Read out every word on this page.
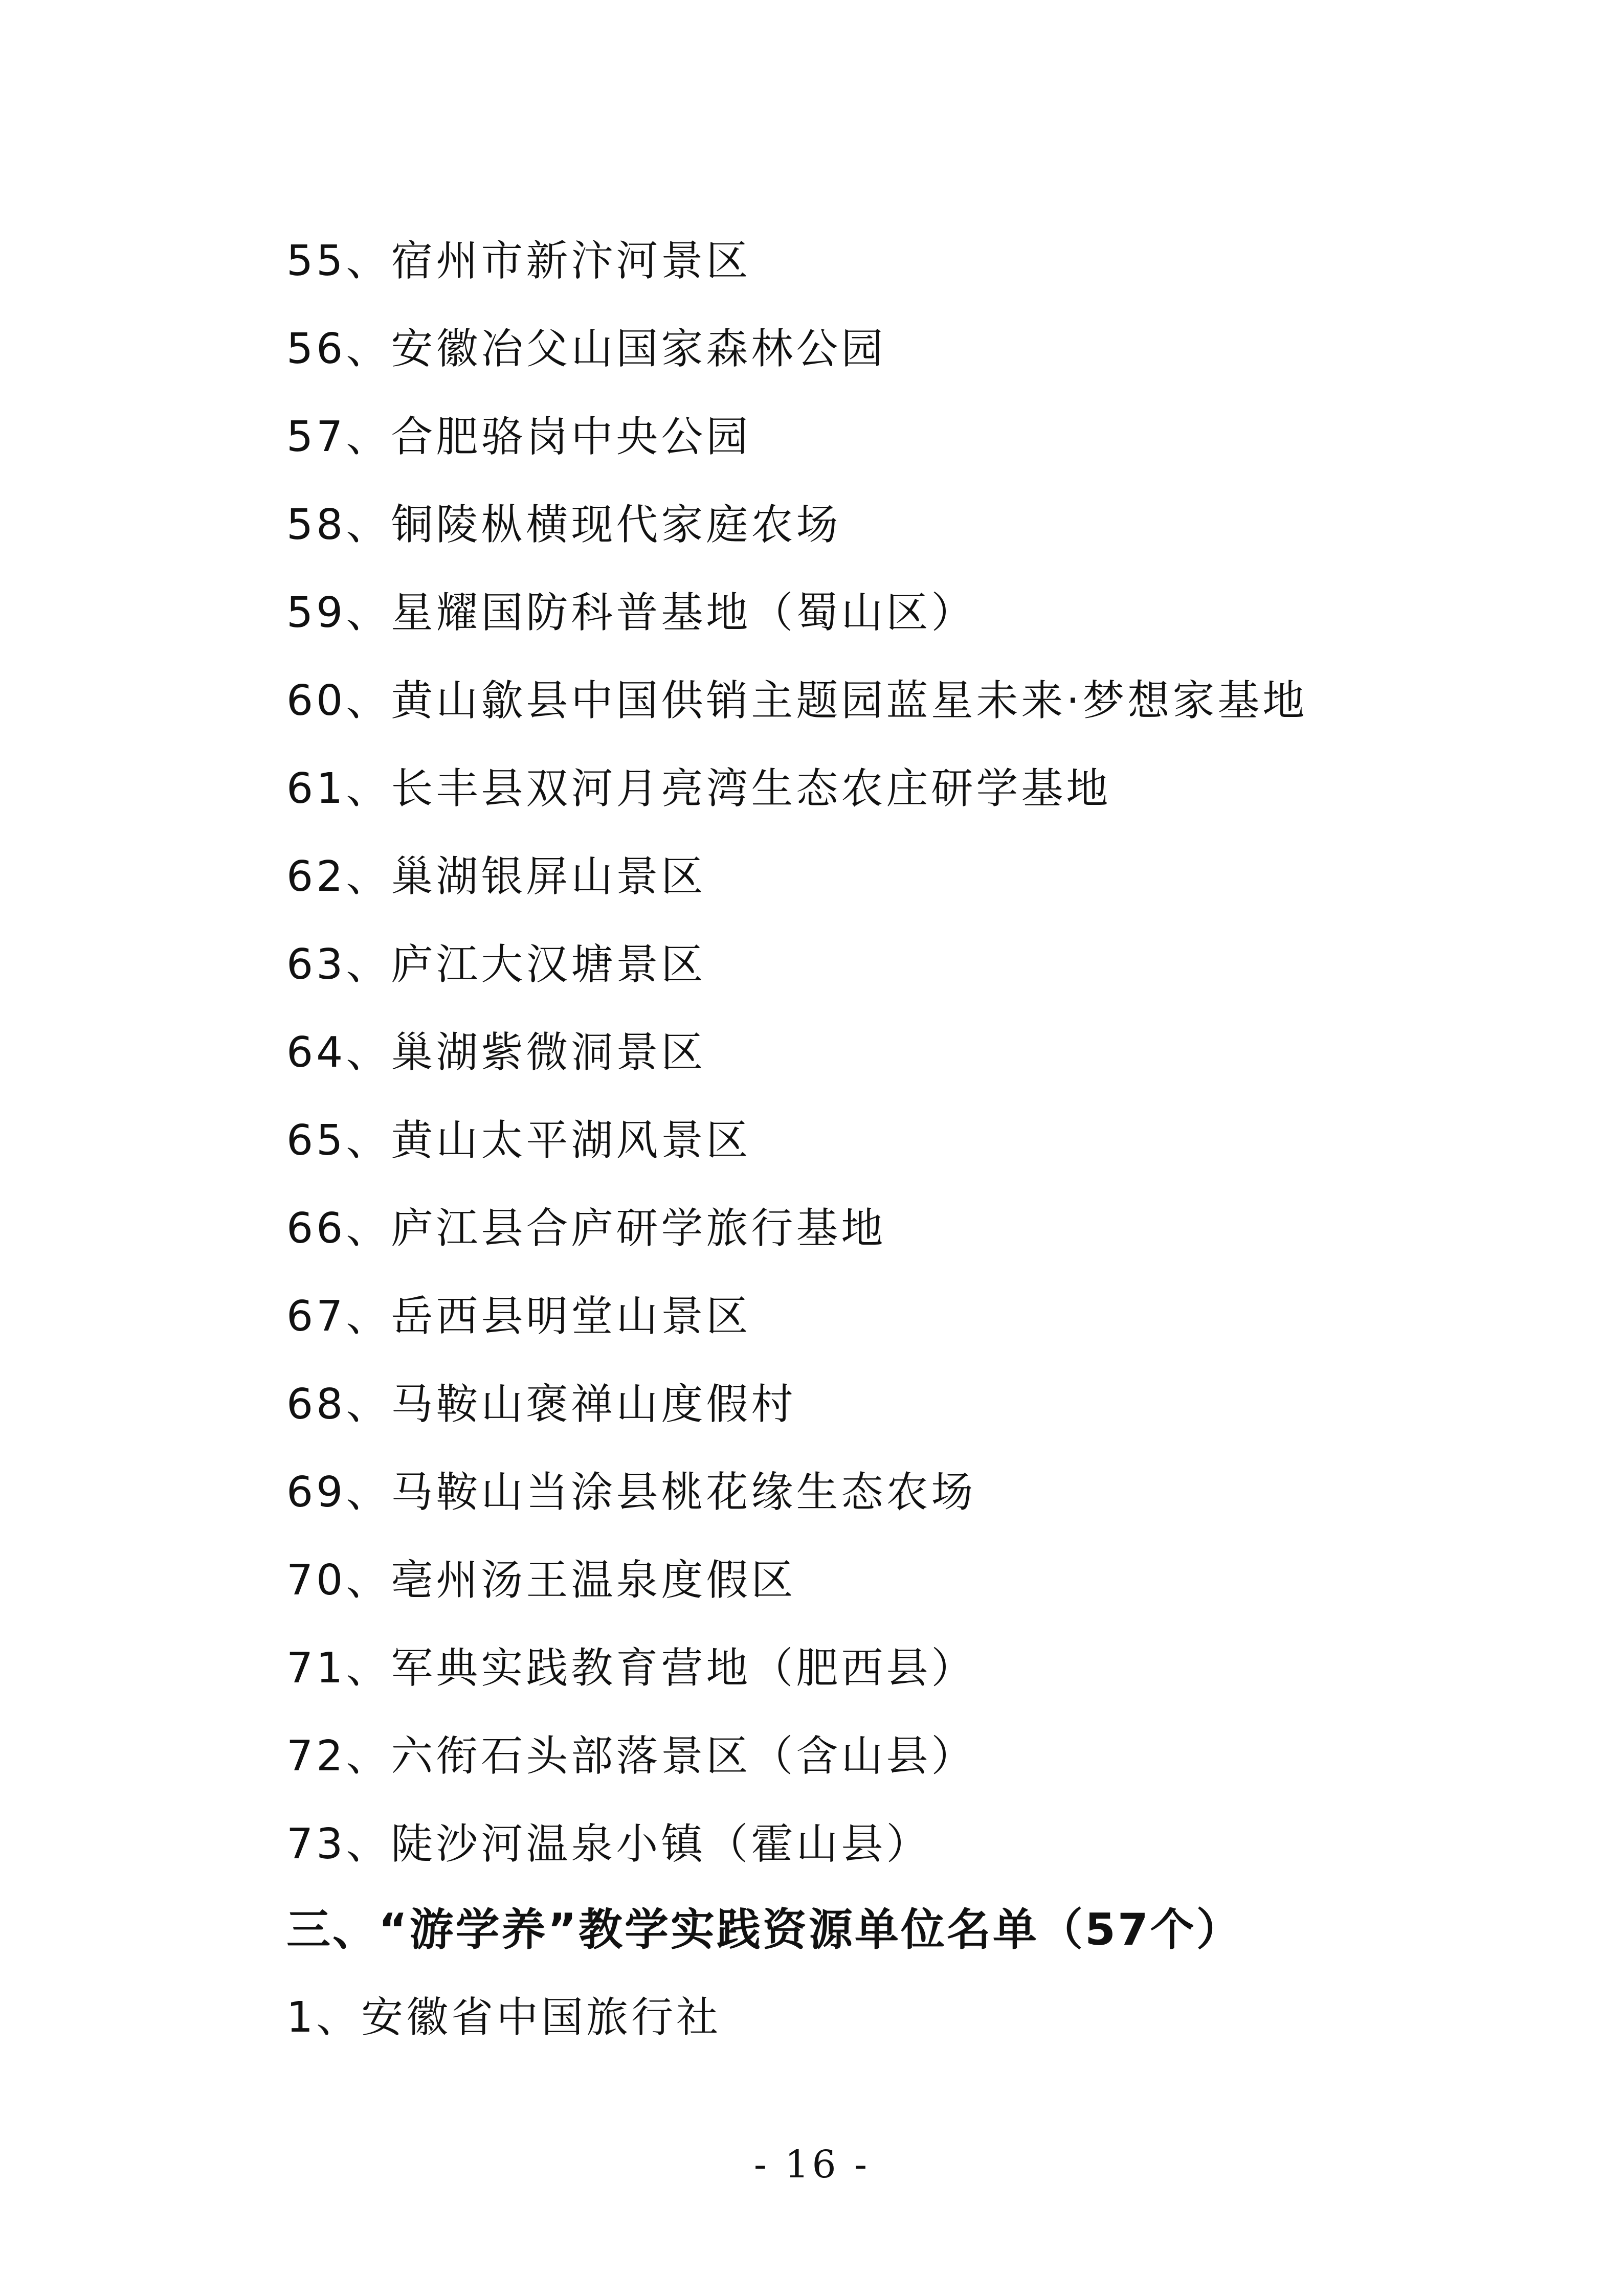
55、宿州市新汴河景区
56、安徽冶父山国家森林公园
57、合肥骆岗中央公园
58、铜陵枞横现代家庭农场
59、星耀国防科普基地（蜀山区）
60、黄山歙县中国供销主题园蓝星未来·梦想家基地
61、长丰县双河月亮湾生态农庄研学基地
62、巢湖银屏山景区
63、庐江大汉塘景区
64、巢湖紫微洞景区
65、黄山太平湖风景区
66、庐江县合庐研学旅行基地
67、岳西县明堂山景区
68、马鞍山褒禅山度假村
69、马鞍山当涂县桃花缘生态农场
70、亳州汤王温泉度假区
71、军典实践教育营地（肥西县）
72、六衔石头部落景区（含山县）
73、陡沙河温泉小镇（霍山县）
三、“游学养”教学实践资源单位名单（57个）
1、安徽省中国旅行社
- 16 -
